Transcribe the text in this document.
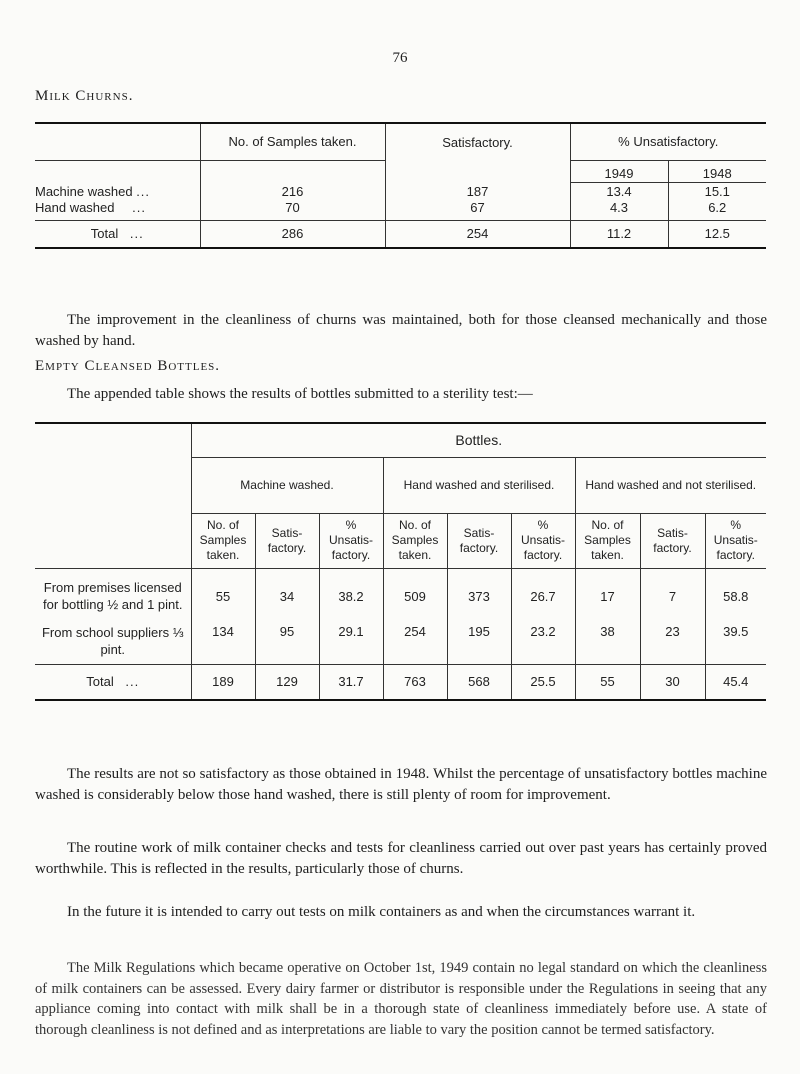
76
Milk Churns.
	No. of Samples taken.	Satisfactory.	% Unsatisfactory.	
			1949	1948
Machine washed ...	216	187	13.4	15.1
Hand washed ...	70	67	4.3	6.2
Total ...	286	254	11.2	12.5
The improvement in the cleanliness of churns was maintained, both for those cleansed mechanically and those washed by hand.
Empty Cleansed Bottles.
The appended table shows the results of bottles submitted to a sterility test:—
	Bottles.								
	Machine washed.			Hand washed and sterilised.			Hand washed and not sterilised.		
	No. of Samples taken.	Satis- factory.	% Unsatis- factory.	No. of Samples taken.	Satis- factory.	% Unsatis- factory.	No. of Samples taken.	Satis- factory.	% Unsatis- factory.
From premises licensed for bottling ½ and 1 pint.	55	34	38.2	509	373	26.7	17	7	58.8
From school suppliers ⅓ pint.	134	95	29.1	254	195	23.2	38	23	39.5
Total ...	189	129	31.7	763	568	25.5	55	30	45.4
The results are not so satisfactory as those obtained in 1948. Whilst the percentage of unsatisfactory bottles machine washed is considerably below those hand washed, there is still plenty of room for improvement.
The routine work of milk container checks and tests for cleanliness carried out over past years has certainly proved worthwhile. This is reflected in the results, particularly those of churns.
In the future it is intended to carry out tests on milk containers as and when the circumstances warrant it.
The Milk Regulations which became operative on October 1st, 1949 contain no legal standard on which the cleanliness of milk containers can be assessed. Every dairy farmer or distributor is responsible under the Regulations in seeing that any appliance coming into contact with milk shall be in a thorough state of cleanliness immediately before use. A state of thorough cleanliness is not defined and as interpretations are liable to vary the position cannot be termed satisfactory.
